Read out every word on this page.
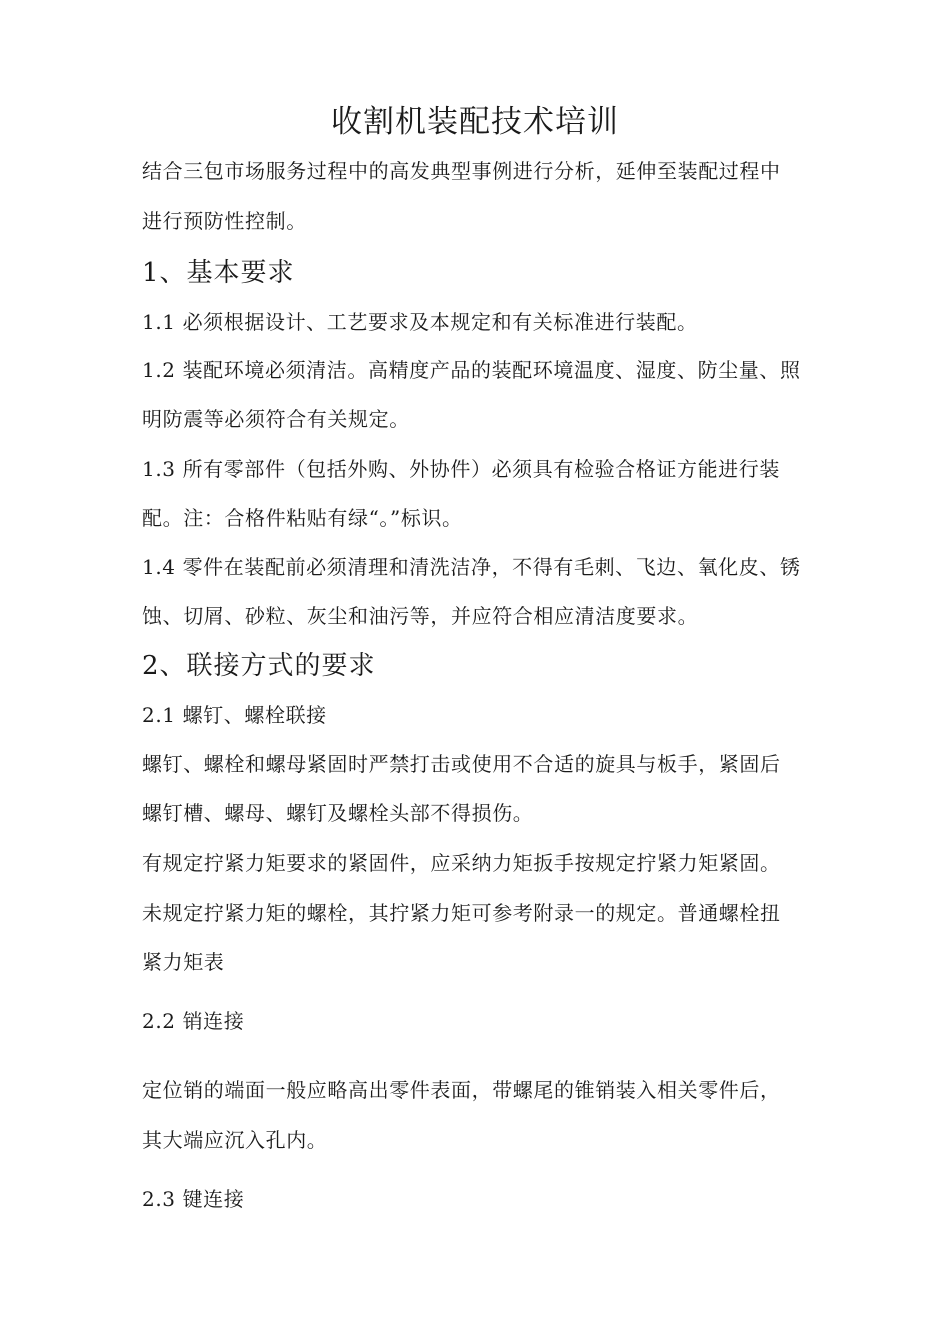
收割机装配技术培训
结合三包市场服务过程中的高发典型事例进行分析，延伸至装配过程中
进行预防性控制。
1、基本要求
1.1 必须根据设计、工艺要求及本规定和有关标准进行装配。
1.2 装配环境必须清洁。高精度产品的装配环境温度、湿度、防尘量、照
明防震等必须符合有关规定。
1.3 所有零部件（包括外购、外协件）必须具有检验合格证方能进行装
配。注：合格件粘贴有绿“。”标识。
1.4 零件在装配前必须清理和清洗洁净，不得有毛刺、飞边、氧化皮、锈
蚀、切屑、砂粒、灰尘和油污等，并应符合相应清洁度要求。
2、联接方式的要求
2.1 螺钉、螺栓联接
螺钉、螺栓和螺母紧固时严禁打击或使用不合适的旋具与板手，紧固后
螺钉槽、螺母、螺钉及螺栓头部不得损伤。
有规定拧紧力矩要求的紧固件，应采纳力矩扳手按规定拧紧力矩紧固。
未规定拧紧力矩的螺栓，其拧紧力矩可参考附录一的规定。普通螺栓扭
紧力矩表
2.2 销连接
定位销的端面一般应略高出零件表面，带螺尾的锥销装入相关零件后，
其大端应沉入孔内。
2.3 键连接
